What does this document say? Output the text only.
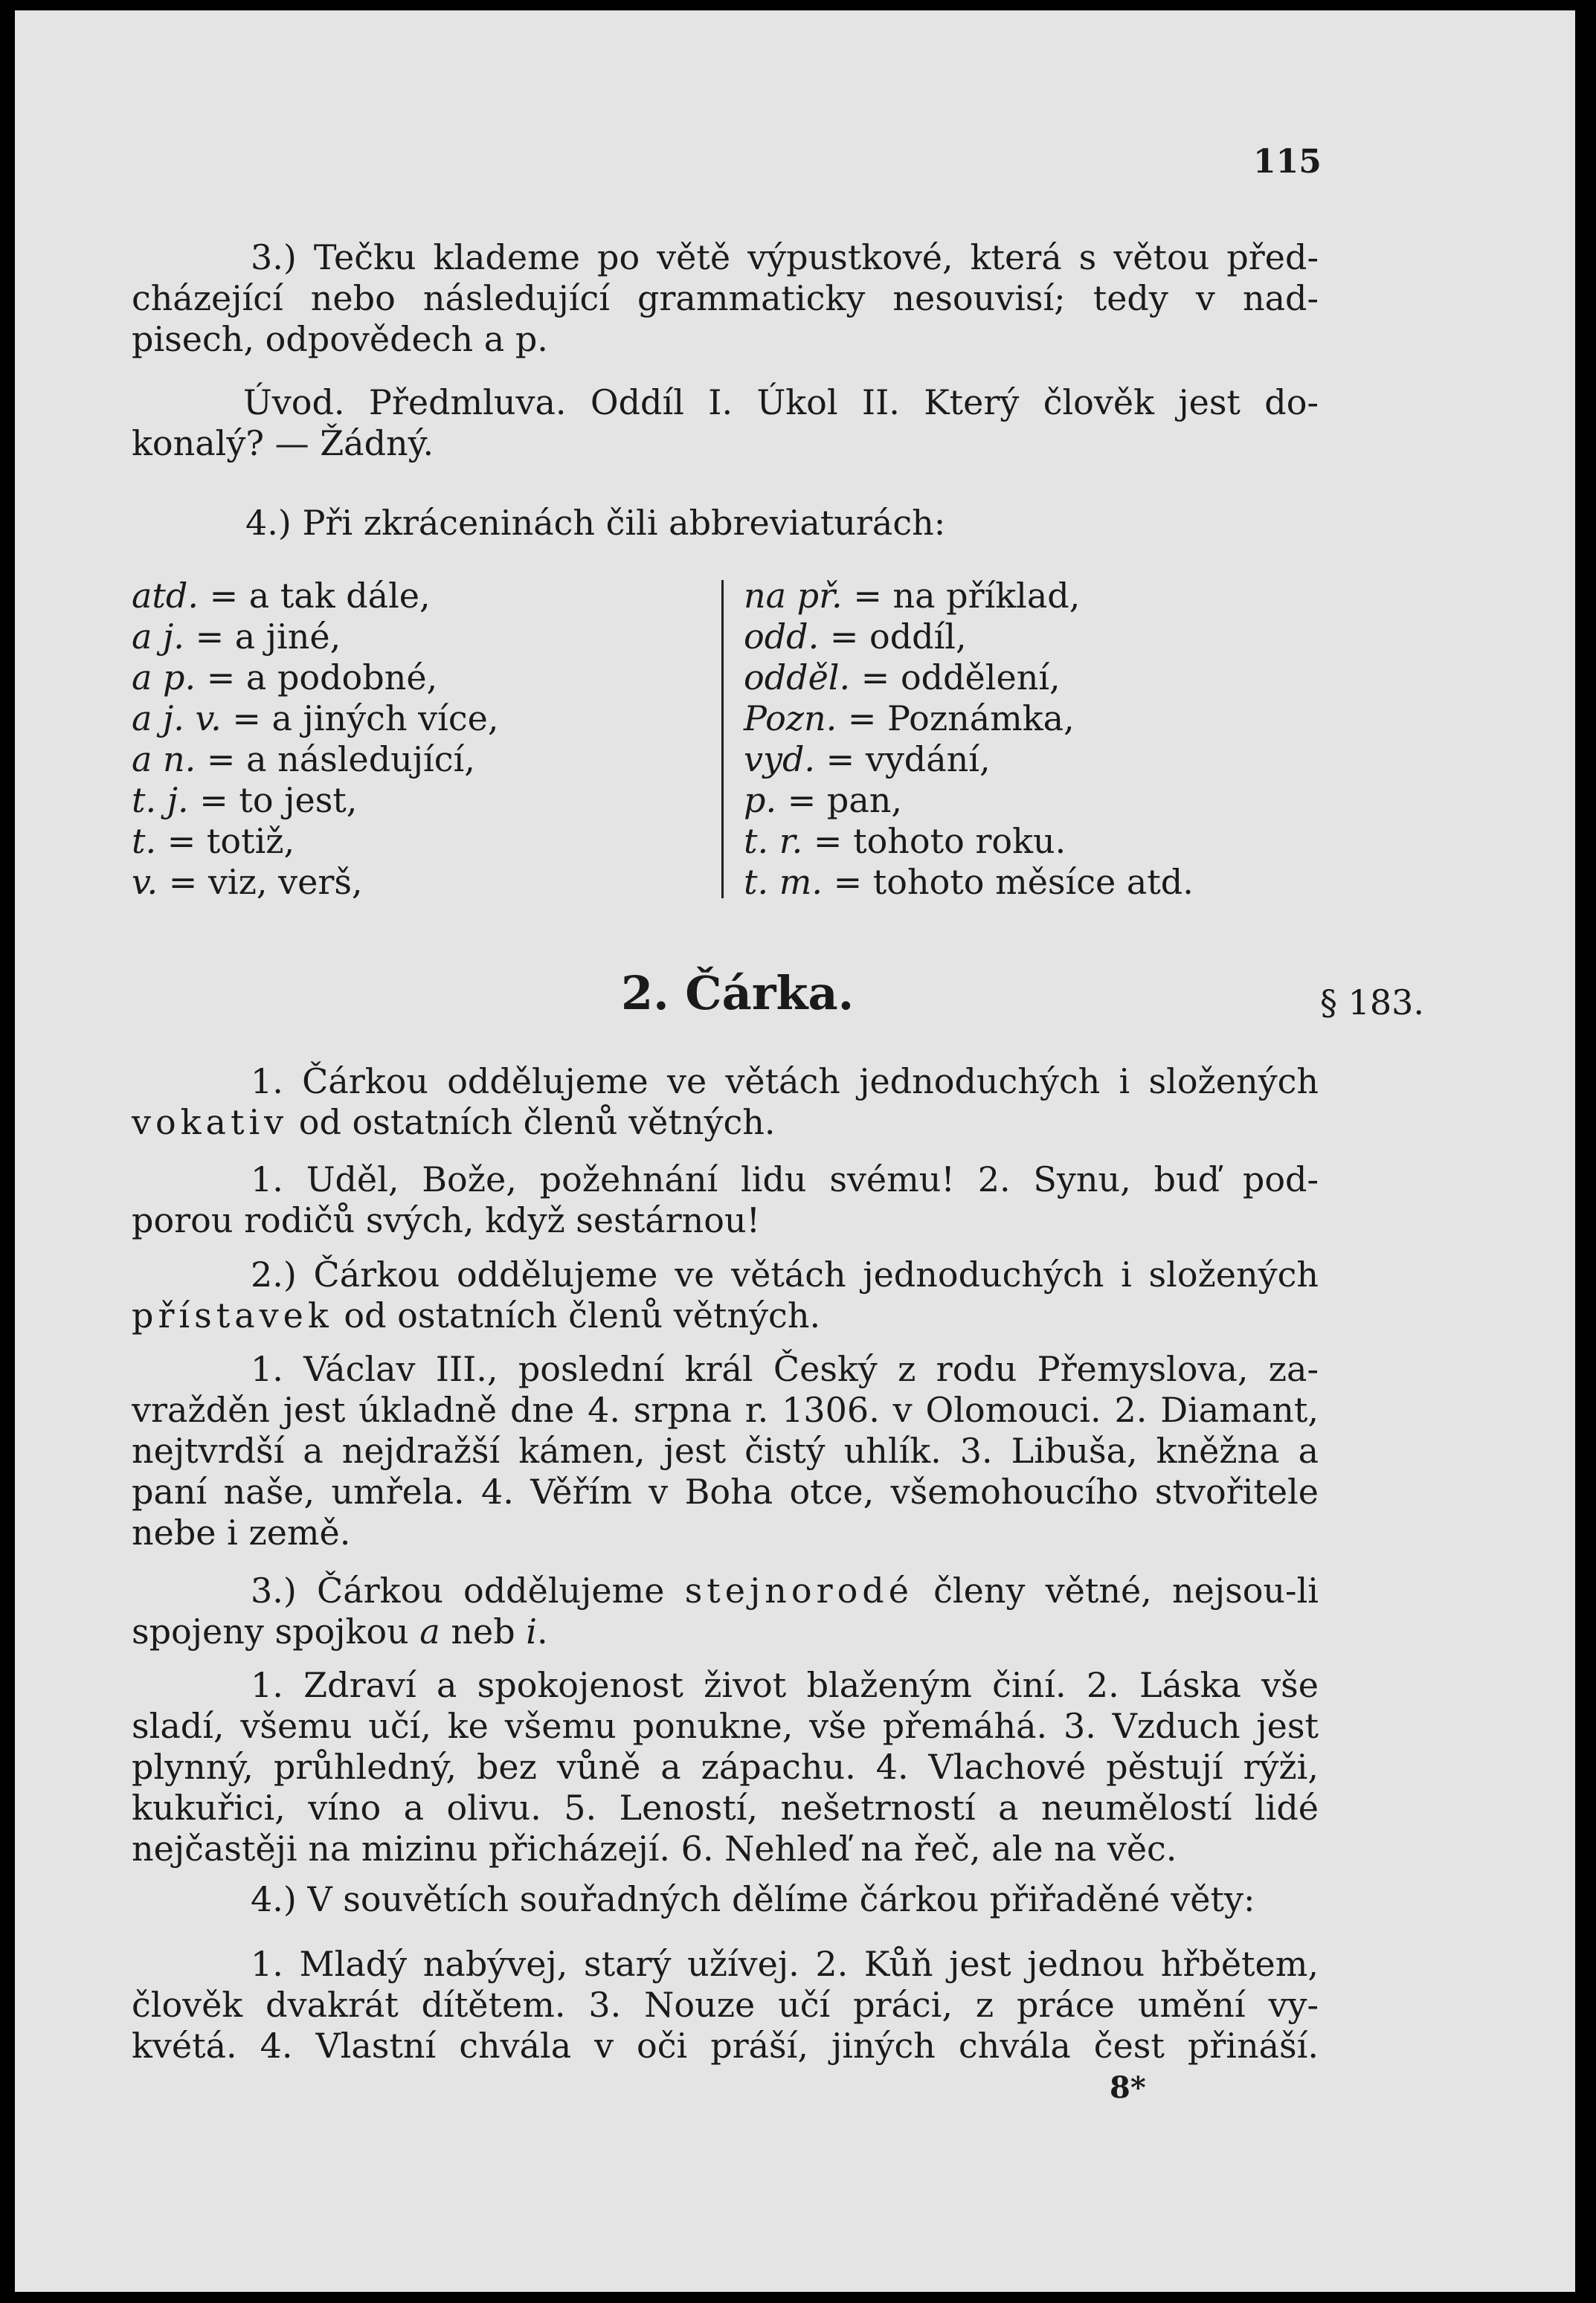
115
3.) Tečku klademe po větě výpustkové, která s větou před-
cházející nebo následující grammaticky nesouvisí; tedy v nad-
pisech, odpovědech a p.
Úvod. Předmluva. Oddíl I. Úkol II. Který člověk jest do-
konalý? — Žádný.
4.) Při zkráceninách čili abbreviaturách:
atd. = a tak dále,
a j. = a jiné,
a p. = a podobné,
a j. v. = a jiných více,
a n. = a následující,
t. j. = to jest,
t. = totiž,
v. = viz, verš,
na př. = na příklad,
odd. = oddíl,
odděl. = oddělení,
Pozn. = Poznámka,
vyd. = vydání,
p. = pan,
t. r. = tohoto roku.
t. m. = tohoto měsíce atd.
2. Čárka.	§ 183.
1. Čárkou oddělujeme ve větách jednoduchých i složených
vokativ od ostatních členů větných.
1. Uděl, Bože, požehnání lidu svému! 2. Synu, buď pod-
porou rodičů svých, když sestárnou!
2.) Čárkou oddělujeme ve větách jednoduchých i složených
přístavek od ostatních členů větných.
1. Václav III., poslední král Český z rodu Přemyslova, za-
vražděn jest úkladně dne 4. srpna r. 1306. v Olomouci. 2. Diamant,
nejtvrdší a nejdražší kámen, jest čistý uhlík. 3. Libuša, kněžna a
paní naše, umřela. 4. Věřím v Boha otce, všemohoucího stvořitele
nebe i země.
3.) Čárkou oddělujeme stejnorodé členy větné, nejsou-li
spojeny spojkou a neb i.
1. Zdraví a spokojenost život blaženým činí. 2. Láska vše
sladí, všemu učí, ke všemu ponukne, vše přemáhá. 3. Vzduch jest
plynný, průhledný, bez vůně a zápachu. 4. Vlachové pěstují rýži,
kukuřici, víno a olivu. 5. Leností, nešetrností a neumělostí lidé
nejčastěji na mizinu přicházejí. 6. Nehleď na řeč, ale na věc.
4.) V souvětích souřadných dělíme čárkou přiřaděné věty:
1. Mladý nabývej, starý užívej. 2. Kůň jest jednou hřbětem,
člověk dvakrát dítětem. 3. Nouze učí práci, z práce umění vy-
kvétá. 4. Vlastní chvála v oči práší, jiných chvála čest přináší.
8*
